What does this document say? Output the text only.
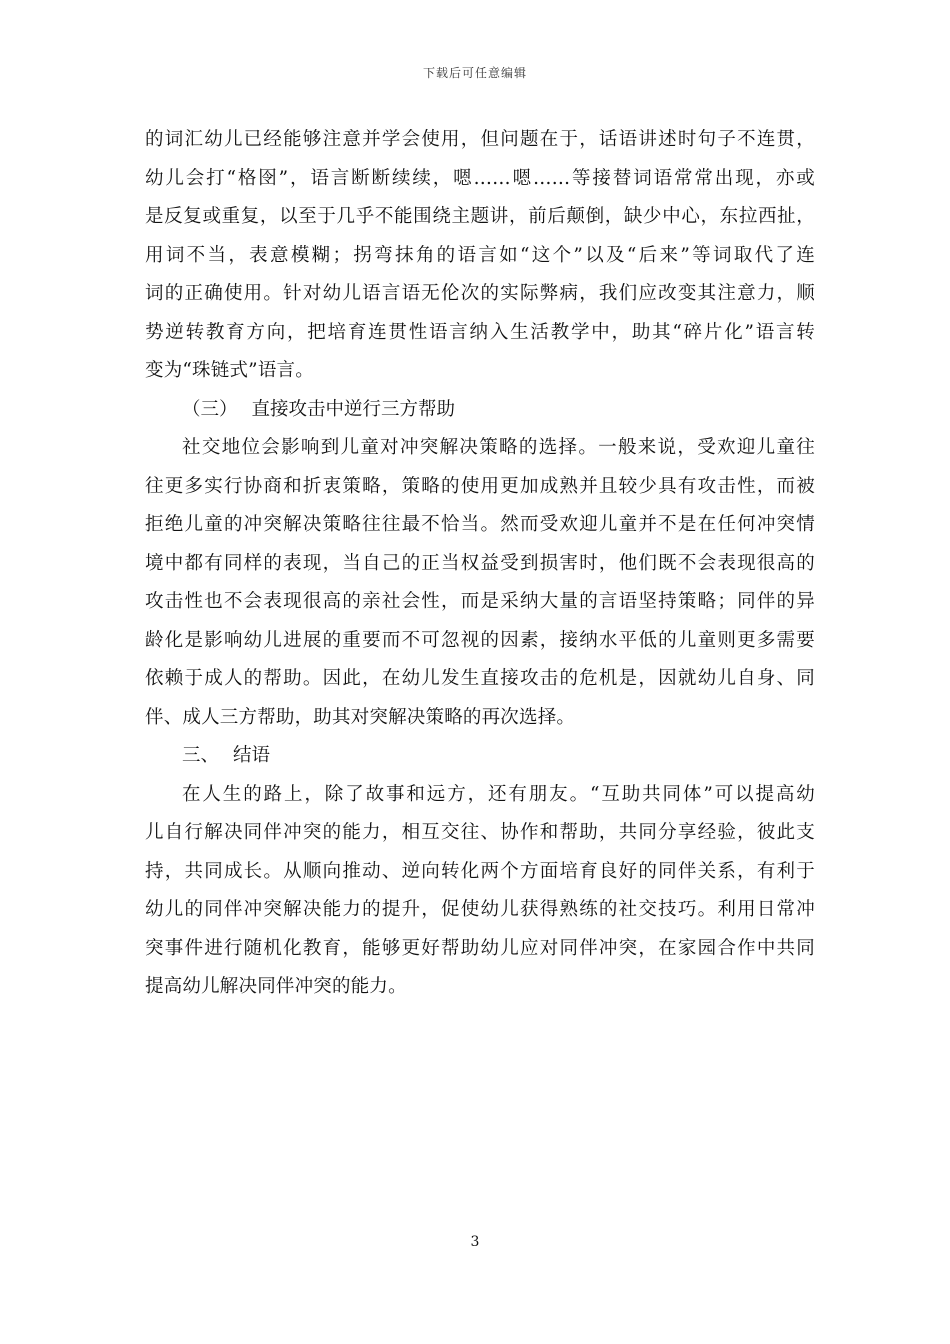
下载后可任意编辑
的词汇幼儿已经能够注意并学会使用，但问题在于，话语讲述时句子不连贯，
幼儿会打“格囹”，语言断断续续，嗯……嗯……等接替词语常常出现，亦或
是反复或重复，以至于几乎不能围绕主题讲，前后颠倒，缺少中心，东拉西扯，
用词不当，表意模糊；拐弯抹角的语言如“这个”以及“后来”等词取代了连
词的正确使用。针对幼儿语言语无伦次的实际弊病，我们应改变其注意力，顺
势逆转教育方向，把培育连贯性语言纳入生活教学中，助其“碎片化”语言转
变为“珠链式”语言。
（三） 直接攻击中逆行三方帮助
社交地位会影响到儿童对冲突解决策略的选择。一般来说，受欢迎儿童往
往更多实行协商和折衷策略，策略的使用更加成熟并且较少具有攻击性，而被
拒绝儿童的冲突解决策略往往最不恰当。然而受欢迎儿童并不是在任何冲突情
境中都有同样的表现，当自己的正当权益受到损害时，他们既不会表现很高的
攻击性也不会表现很高的亲社会性，而是采纳大量的言语坚持策略；同伴的异
龄化是影响幼儿进展的重要而不可忽视的因素，接纳水平低的儿童则更多需要
依赖于成人的帮助。因此，在幼儿发生直接攻击的危机是，因就幼儿自身、同
伴、成人三方帮助，助其对突解决策略的再次选择。
三、 结语
在人生的路上，除了故事和远方，还有朋友。“互助共同体”可以提高幼
儿自行解决同伴冲突的能力，相互交往、协作和帮助，共同分享经验，彼此支
持，共同成长。从顺向推动、逆向转化两个方面培育良好的同伴关系，有利于
幼儿的同伴冲突解决能力的提升，促使幼儿获得熟练的社交技巧。利用日常冲
突事件进行随机化教育，能够更好帮助幼儿应对同伴冲突，在家园合作中共同
提高幼儿解决同伴冲突的能力。
3
